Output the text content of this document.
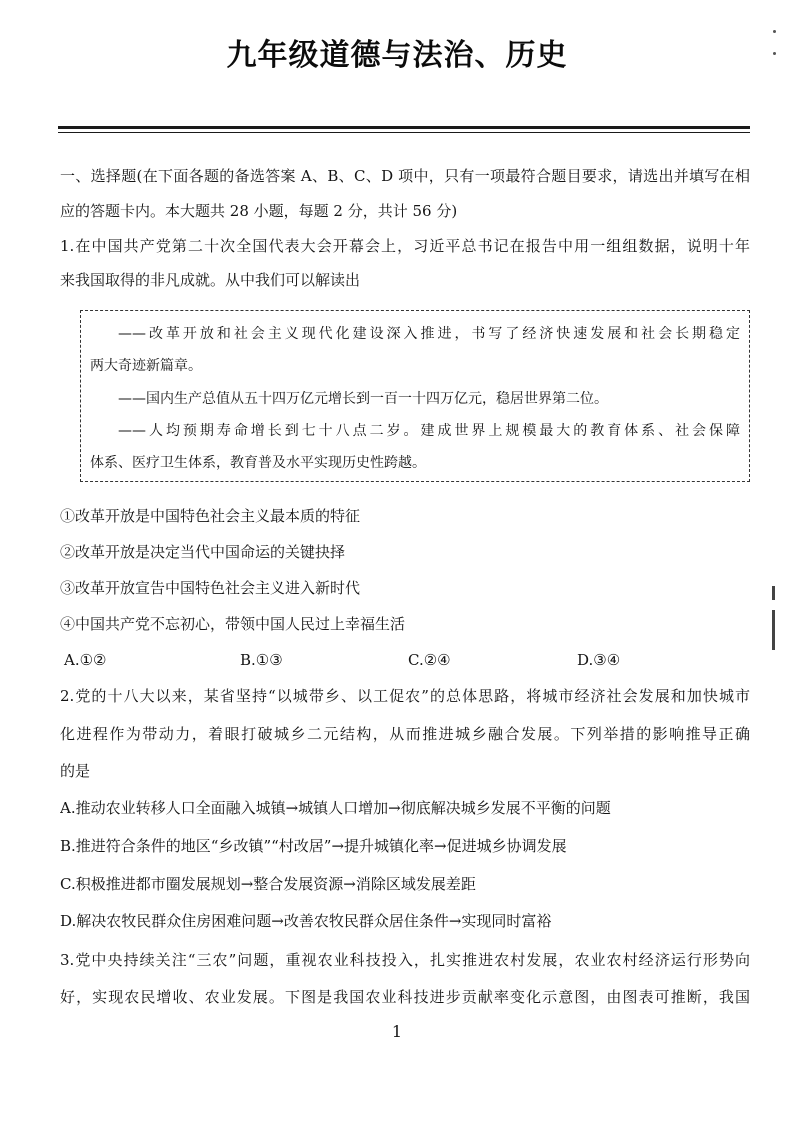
九年级道德与法治、历史
一、选择题(在下面各题的备选答案 A、B、C、D 项中，只有一项最符合题目要求，请选出并填写在相
应的答题卡内。本大题共 28 小题，每题 2 分，共计 56 分)
1.在中国共产党第二十次全国代表大会开幕会上，习近平总书记在报告中用一组组数据，说明十年
来我国取得的非凡成就。从中我们可以解读出
——改革开放和社会主义现代化建设深入推进，书写了经济快速发展和社会长期稳定
两大奇迹新篇章。
——国内生产总值从五十四万亿元增长到一百一十四万亿元，稳居世界第二位。
——人均预期寿命增长到七十八点二岁。建成世界上规模最大的教育体系、社会保障
体系、医疗卫生体系，教育普及水平实现历史性跨越。
①改革开放是中国特色社会主义最本质的特征
②改革开放是决定当代中国命运的关键抉择
③改革开放宣告中国特色社会主义进入新时代
④中国共产党不忘初心，带领中国人民过上幸福生活
A.①②	B.①③	C.②④	D.③④
2.党的十八大以来，某省坚持“以城带乡、以工促农”的总体思路，将城市经济社会发展和加快城市
化进程作为带动力，着眼打破城乡二元结构，从而推进城乡融合发展。下列举措的影响推导正确
的是
A.推动农业转移人口全面融入城镇→城镇人口增加→彻底解决城乡发展不平衡的问题
B.推进符合条件的地区“乡改镇”“村改居”→提升城镇化率→促进城乡协调发展
C.积极推进都市圈发展规划→整合发展资源→消除区域发展差距
D.解决农牧民群众住房困难问题→改善农牧民群众居住条件→实现同时富裕
3.党中央持续关注“三农”问题，重视农业科技投入，扎实推进农村发展，农业农村经济运行形势向
好，实现农民增收、农业发展。下图是我国农业科技进步贡献率变化示意图，由图表可推断，我国
1
